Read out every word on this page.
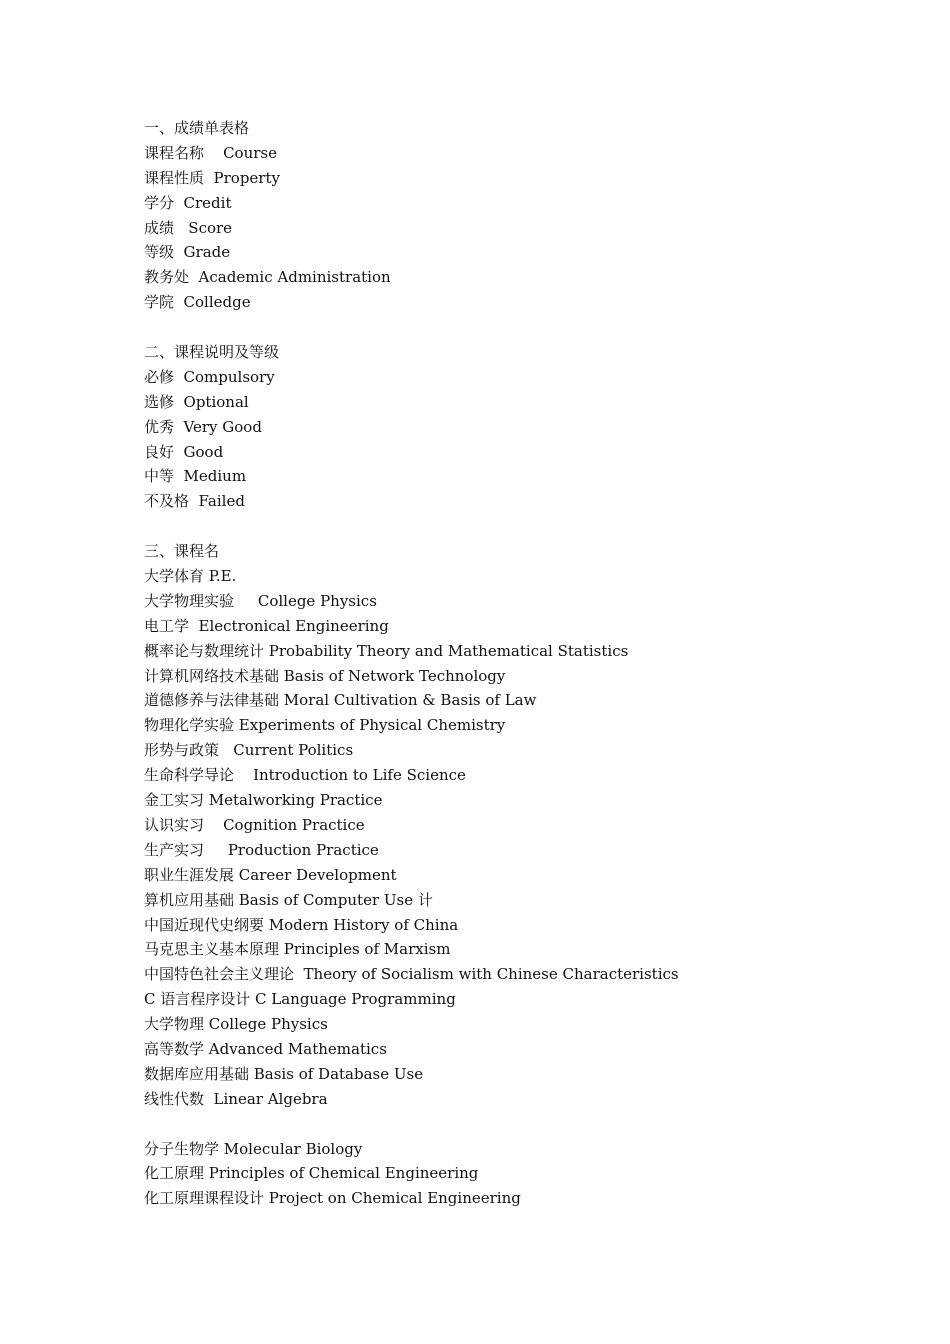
一、成绩单表格

课程名称    Course

课程性质  Property

学分  Credit

成绩   Score

等级  Grade

教务处  Academic Administration

学院  Colledge

二、课程说明及等级

必修  Compulsory

选修  Optional

优秀  Very Good

良好  Good

中等  Medium

不及格  Failed

三、课程名

大学体育 P.E.

大学物理实验     College Physics

电工学  Electronical Engineering

概率论与数理统计 Probability Theory and Mathematical Statistics

计算机网络技术基础 Basis of Network Technology

道德修养与法律基础 Moral Cultivation & Basis of Law

物理化学实验 Experiments of Physical Chemistry

形势与政策   Current Politics

生命科学导论    Introduction to Life Science

金工实习 Metalworking Practice

认识实习    Cognition Practice

生产实习     Production Practice

职业生涯发展 Career Development

算机应用基础 Basis of Computer Use 计

中国近现代史纲要 Modern History of China

马克思主义基本原理 Principles of Marxism

中国特色社会主义理论  Theory of Socialism with Chinese Characteristics

C 语言程序设计 C Language Programming

大学物理 College Physics

高等数学 Advanced Mathematics

数据库应用基础 Basis of Database Use

线性代数  Linear Algebra

分子生物学 Molecular Biology

化工原理 Principles of Chemical Engineering

化工原理课程设计 Project on Chemical Engineering
